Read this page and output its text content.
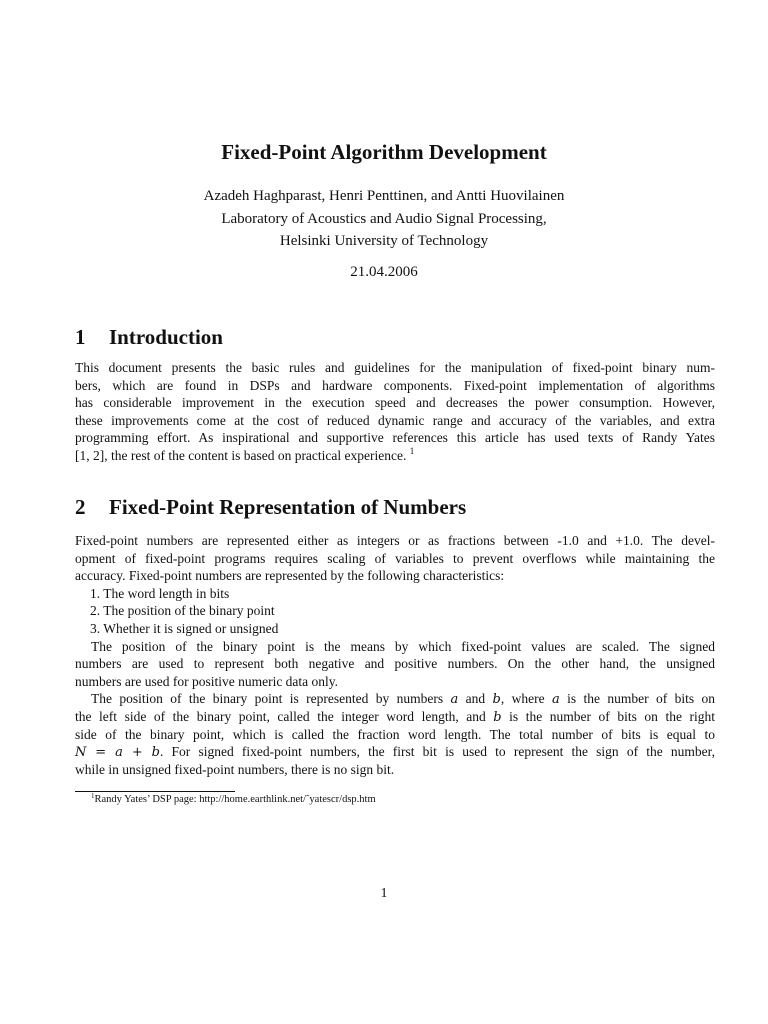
Fixed-Point Algorithm Development
Azadeh Haghparast, Henri Penttinen, and Antti Huovilainen
Laboratory of Acoustics and Audio Signal Processing,
Helsinki University of Technology
21.04.2006
1 Introduction
This document presents the basic rules and guidelines for the manipulation of fixed-point binary num-
bers, which are found in DSPs and hardware components. Fixed-point implementation of algorithms
has considerable improvement in the execution speed and decreases the power consumption. However,
these improvements come at the cost of reduced dynamic range and accuracy of the variables, and extra
programming effort. As inspirational and supportive references this article has used texts of Randy Yates
[1, 2], the rest of the content is based on practical experience. $^1$
2 Fixed-Point Representation of Numbers
Fixed-point numbers are represented either as integers or as fractions between -1.0 and +1.0. The devel-
opment of fixed-point programs requires scaling of variables to prevent overflows while maintaining the
accuracy. Fixed-point numbers are represented by the following characteristics:
1. The word length in bits
2. The position of the binary point
3. Whether it is signed or unsigned
The position of the binary point is the means by which fixed-point values are scaled. The signed
numbers are used to represent both negative and positive numbers. On the other hand, the unsigned
numbers are used for positive numeric data only.
The position of the binary point is represented by numbers a and b, where a is the number of bits on
the left side of the binary point, called the integer word length, and b is the number of bits on the right
side of the binary point, which is called the fraction word length. The total number of bits is equal to
N = a + b. For signed fixed-point numbers, the first bit is used to represent the sign of the number,
while in unsigned fixed-point numbers, there is no sign bit.
$^1$Randy Yates’ DSP page: http://home.earthlink.net/˜yatescr/dsp.htm
1
